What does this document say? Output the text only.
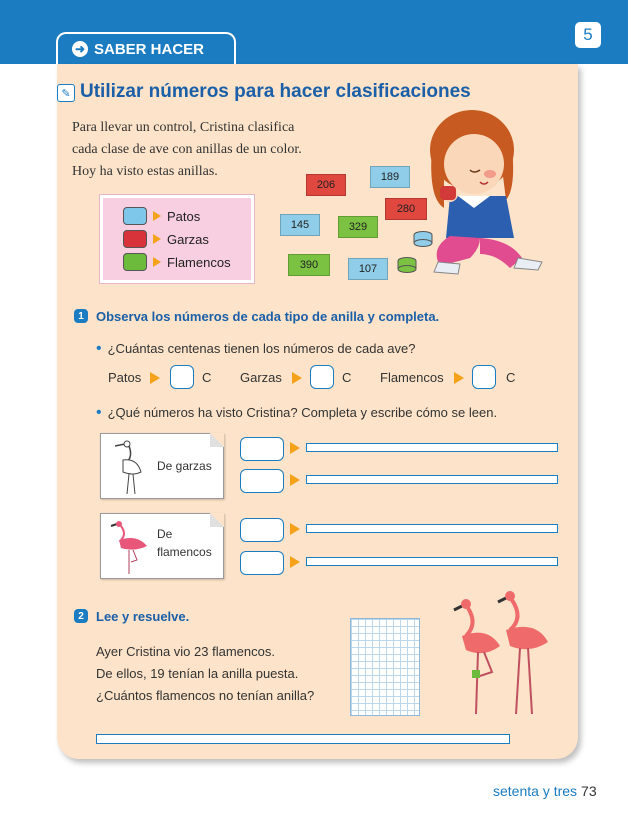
5
➜ SABER HACER
✎ Utilizar números para hacer clasificaciones
Para llevar un control, Cristina clasifica
cada clase de ave con anillas de un color.
Hoy ha visto estas anillas.
Patos
Garzas
Flamencos
206
189
280
145	329
390	107
1 Observa los números de cada tipo de anilla y completa.
• ¿Cuántas centenas tienen los números de cada ave?
Patos	C Garzas	C Flamencos	C
• ¿Qué números ha visto Cristina? Completa y escribe cómo se leen.
De garzas
De
flamencos
2 Lee y resuelve.
Ayer Cristina vio 23 flamencos.
De ellos, 19 tenían la anilla puesta.
¿Cuántos flamencos no tenían anilla?
setenta y tres 73
